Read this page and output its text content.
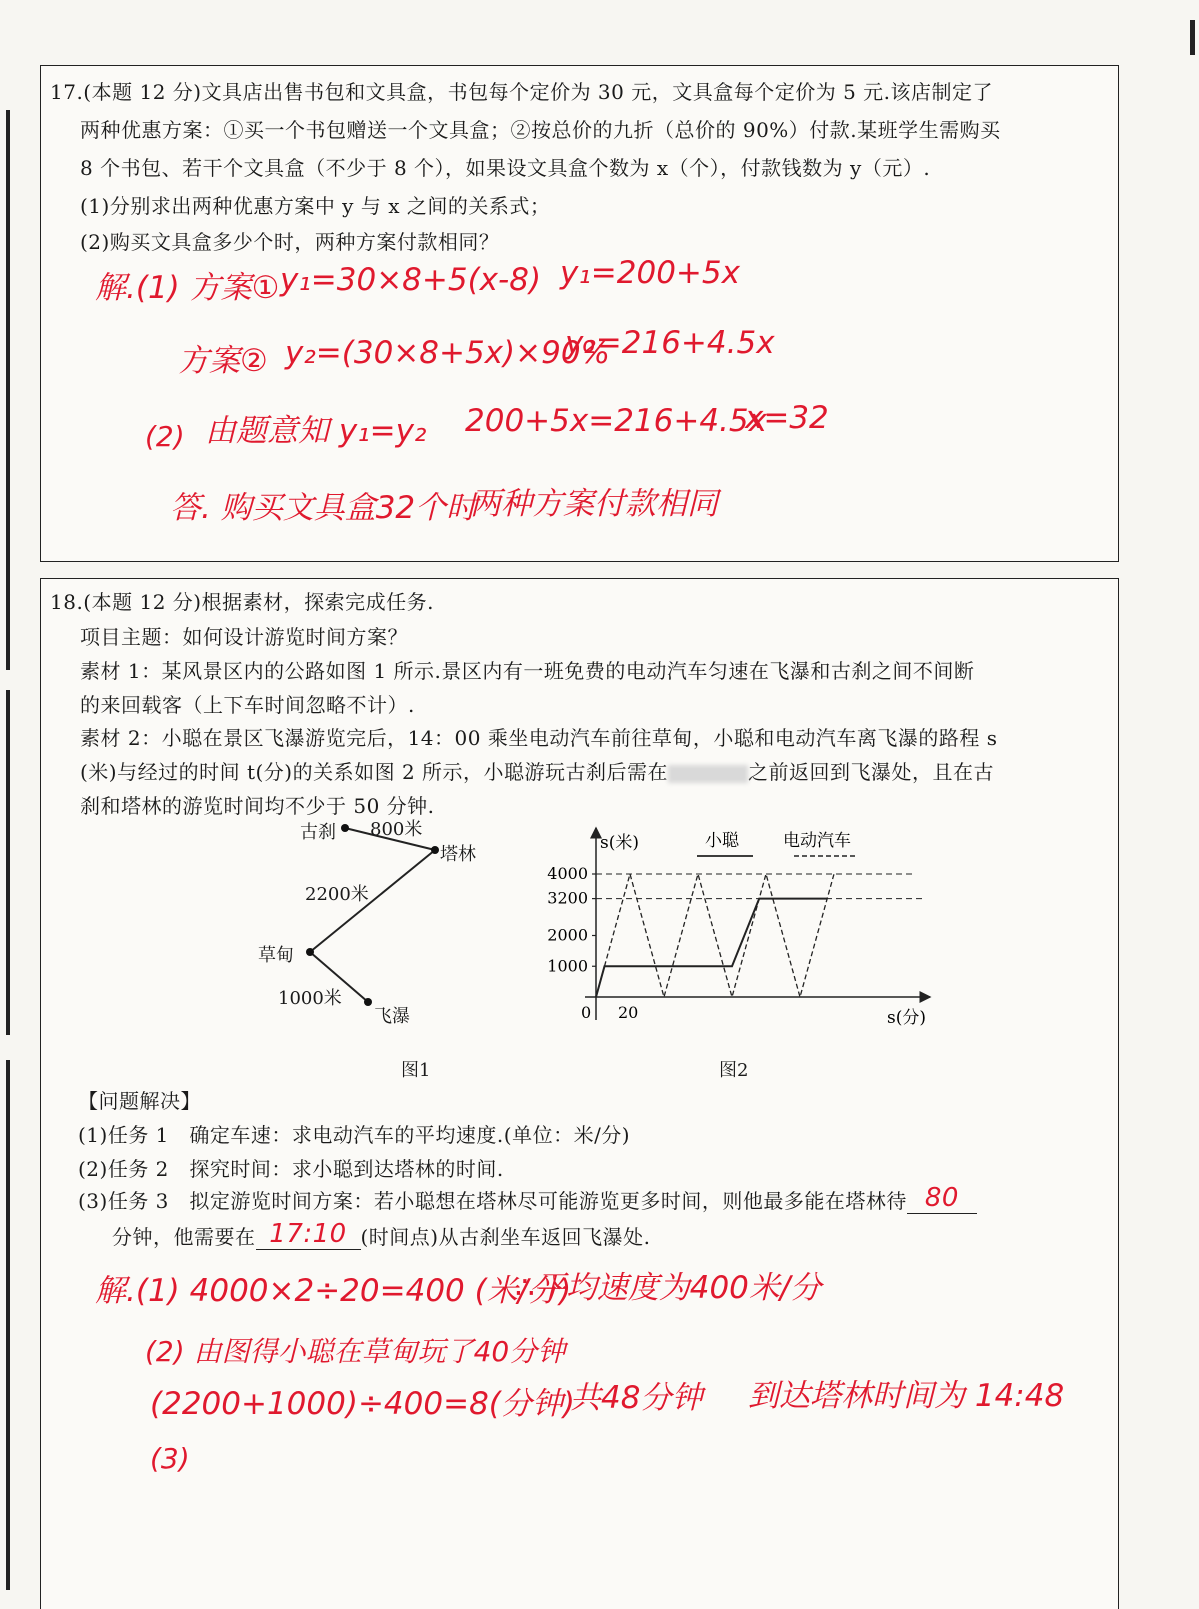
17.(本题 12 分)文具店出售书包和文具盒，书包每个定价为 30 元，文具盒每个定价为 5 元.该店制定了
两种优惠方案：①买一个书包赠送一个文具盒；②按总价的九折（总价的 90%）付款.某班学生需购买
8 个书包、若干个文具盒（不少于 8 个），如果设文具盒个数为 x（个），付款钱数为 y（元）.
(1)分别求出两种优惠方案中 y 与 x 之间的关系式；
(2)购买文具盒多少个时，两种方案付款相同？
解.(1) 方案① y₁=30×8+5(x-8) y₁=200+5x
方案② y₂=(30×8+5x)×90%
y₂=216+4.5x
(2) 由题意知 y₁=y₂ 200+5x=216+4.5x
x=32
答. 购买文具盒32个时
两种方案付款相同
18.(本题 12 分)根据素材，探索完成任务.
项目主题：如何设计游览时间方案？
素材 1：某风景区内的公路如图 1 所示.景区内有一班免费的电动汽车匀速在飞瀑和古刹之间不间断
的来回载客（上下车时间忽略不计）.
素材 2：小聪在景区飞瀑游览完后，14：00 乘坐电动汽车前往草甸，小聪和电动汽车离飞瀑的路程 s
(米)与经过的时间 t(分)的关系如图 2 所示，小聪游玩古刹后需在	之前返回到飞瀑处，且在古
刹和塔林的游览时间均不少于 50 分钟.
古刹 800米
塔林
2200米
草甸
1000米
飞瀑
图1
s(米)
s(分)
0 20
小聪	电动汽车
1000
2000
3200
4000
图2
【问题解决】
(1)任务 1　确定车速：求电动汽车的平均速度.(单位：米/分)
(2)任务 2　探究时间：求小聪到达塔林的时间.
(3)任务 3　拟定游览时间方案：若小聪想在塔林尽可能游览更多时间，则他最多能在塔林待 80
分钟，他需要在 17:10 (时间点)从古刹坐车返回飞瀑处.
解.(1) 4000×2÷20=400 (米/分)
∴平均速度为400米/分
(2) 由图得小聪在草甸玩了40分钟
(2200+1000)÷400=8(分钟)
共48分钟 到达塔林时间为 14:48
(3)
